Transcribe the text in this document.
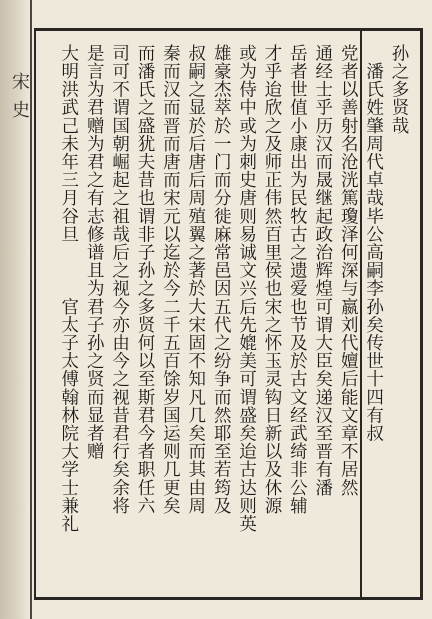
宋史	孙之多贤哉
　潘氏姓肇周代卓哉毕公高嗣李孙矣传世十四有叔
党者以善射名沧洸篤瓊泽何深与嬴刘代嬗后能文章不居然
通经士乎历汉而晟继起政治辉煌可谓大臣矣递汉至晋有潘
岳者世值小康出为民牧古之遗爱也节及於古文经武绮非公辅
才乎迨欣之及师正伟然百里侯也宋之怀玉灵钩日新以及休源
或为侍中或为刺史唐则易诚文兴后先媲美可谓盛矣迨古达则英
雄豪杰萃於一门而分徙麻常邑因五代之纷争而然耶至若筠及
叔嗣之显於后唐后周殖翼之著於大宋固不知凡几矣而其由周
秦而汉而晋而唐而宋元以迄於今二千五百馀岁国运则几更矣
而潘氏之盛犹夫昔也谓非子孙之多贤何以至斯君今者职任六
司可不谓国朝崛起之祖哉后之视今亦由今之视昔君行矣余将
是言为君赠为君之有志修谱且为君子孙之贤而显者赠
大明洪武己未年三月谷旦　　　官太子太傅翰林院大学士兼礼
